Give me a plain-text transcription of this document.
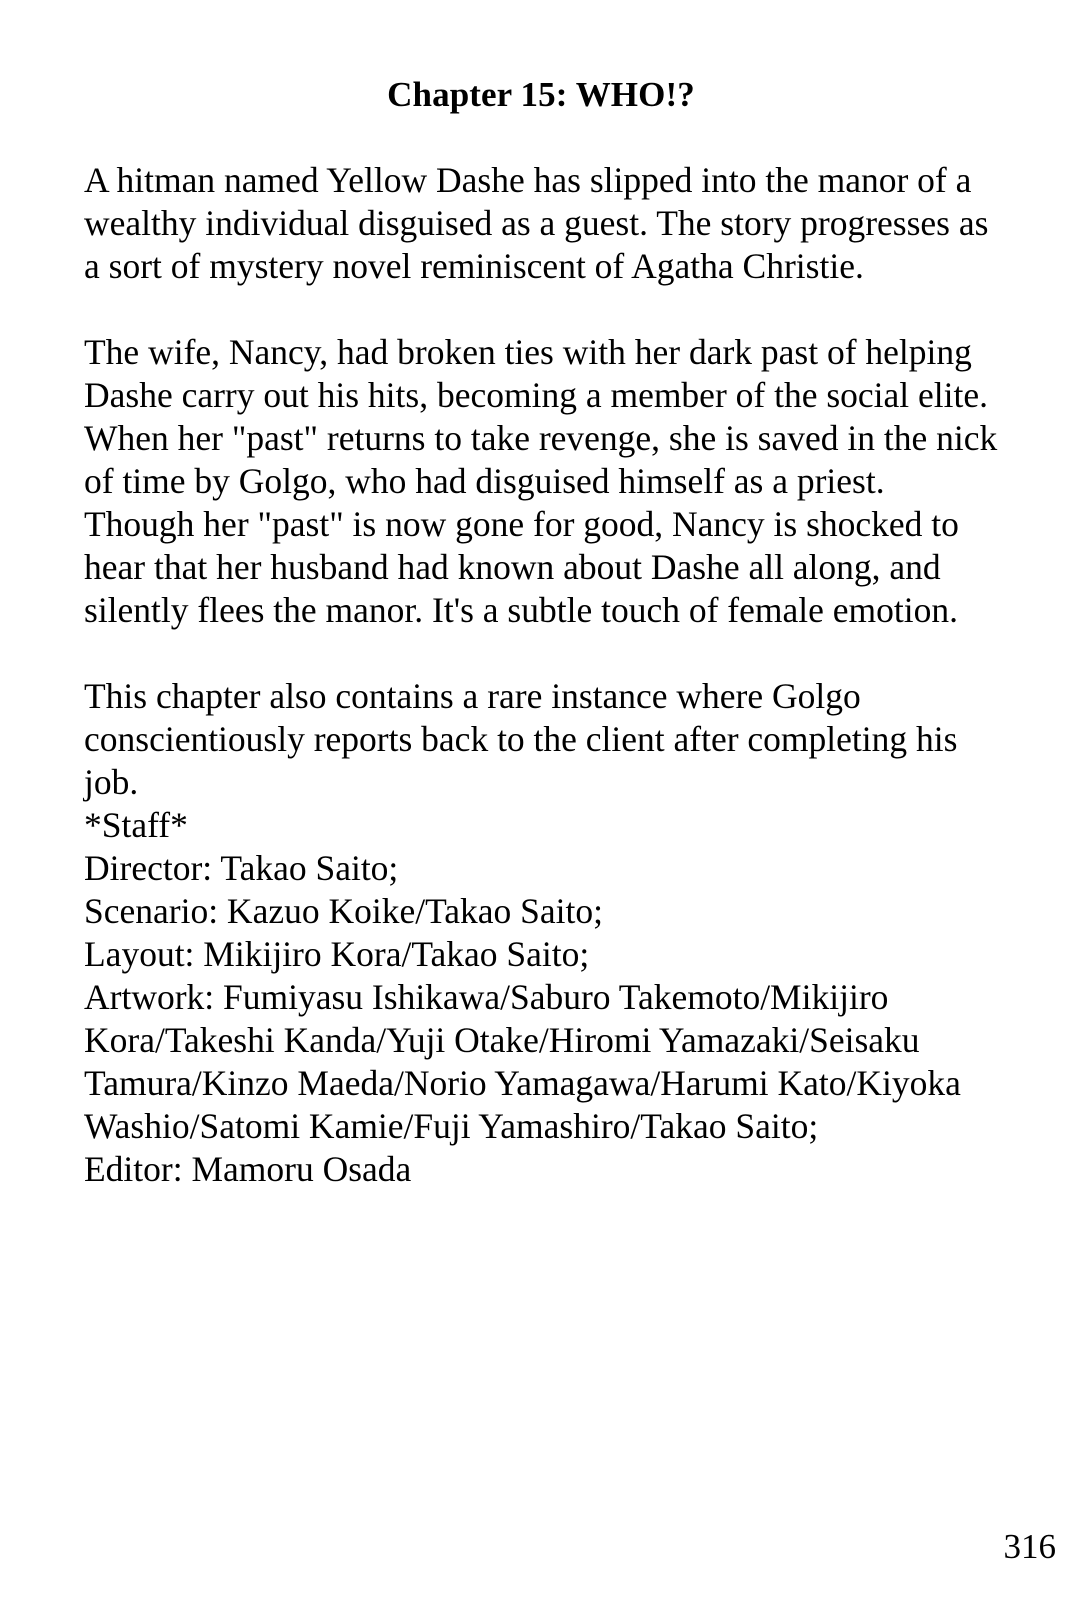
Chapter 15: WHO!?

A hitman named Yellow Dashe has slipped into the manor of a wealthy individual disguised as a guest. The story progresses as a sort of mystery novel reminiscent of Agatha Christie.

The wife, Nancy, had broken ties with her dark past of helping Dashe carry out his hits, becoming a member of the social elite. When her "past" returns to take revenge, she is saved in the nick of time by Golgo, who had disguised himself as a priest. Though her "past" is now gone for good, Nancy is shocked to hear that her husband had known about Dashe all along, and silently flees the manor. It's a subtle touch of female emotion.

This chapter also contains a rare instance where Golgo conscientiously reports back to the client after completing his job.

*Staff*
Director: Takao Saito;
Scenario: Kazuo Koike/Takao Saito;
Layout: Mikijiro Kora/Takao Saito;
Artwork: Fumiyasu Ishikawa/Saburo Takemoto/Mikijiro Kora/Takeshi Kanda/Yuji Otake/Hiromi Yamazaki/Seisaku Tamura/Kinzo Maeda/Norio Yamagawa/Harumi Kato/Kiyoka Washio/Satomi Kamie/Fuji Yamashiro/Takao Saito;
Editor: Mamoru Osada
316
